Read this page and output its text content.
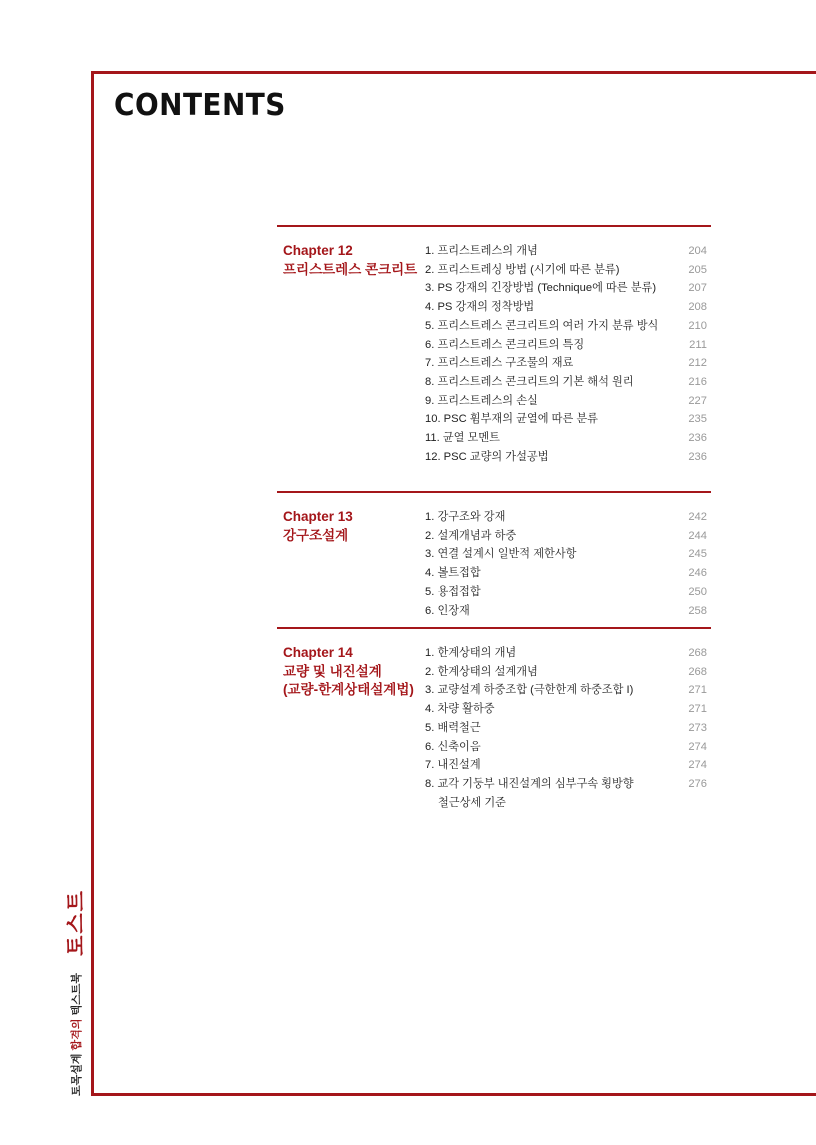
CONTENTS
Chapter 12
프리스트레스 콘크리트
1. 프리스트레스의 개념	204
2. 프리스트레싱 방법 (시기에 따른 분류)	205
3. PS 강재의 긴장방법 (Technique에 따른 분류)	207
4. PS 강재의 정착방법	208
5. 프리스트레스 콘크리트의 여러 가지 분류 방식	210
6. 프리스트레스 콘크리트의 특징	211
7. 프리스트레스 구조물의 재료	212
8. 프리스트레스 콘크리트의 기본 해석 원리	216
9. 프리스트레스의 손실	227
10. PSC 휨부재의 균열에 따른 분류	235
11. 균열 모멘트	236
12. PSC 교량의 가설공법	236
Chapter 13
강구조설계
1. 강구조와 강재	242
2. 설계개념과 하중	244
3. 연결 설계시 일반적 제한사항	245
4. 볼트접합	246
5. 용접접합	250
6. 인장재	258
Chapter 14
교량 및 내진설계
(교량-한계상태설계법)
1. 한계상태의 개념	268
2. 한계상태의 설계개념	268
3. 교량설계 하중조합 (극한한계 하중조합 I)	271
4. 차량 활하중	271
5. 배력철근	273
6. 신축이음	274
7. 내진설계	274
8. 교각 기둥부 내진설계의 심부구속 횡방향	276
철근상세 기준
토목설계 합격의 텍스트북 토스트
